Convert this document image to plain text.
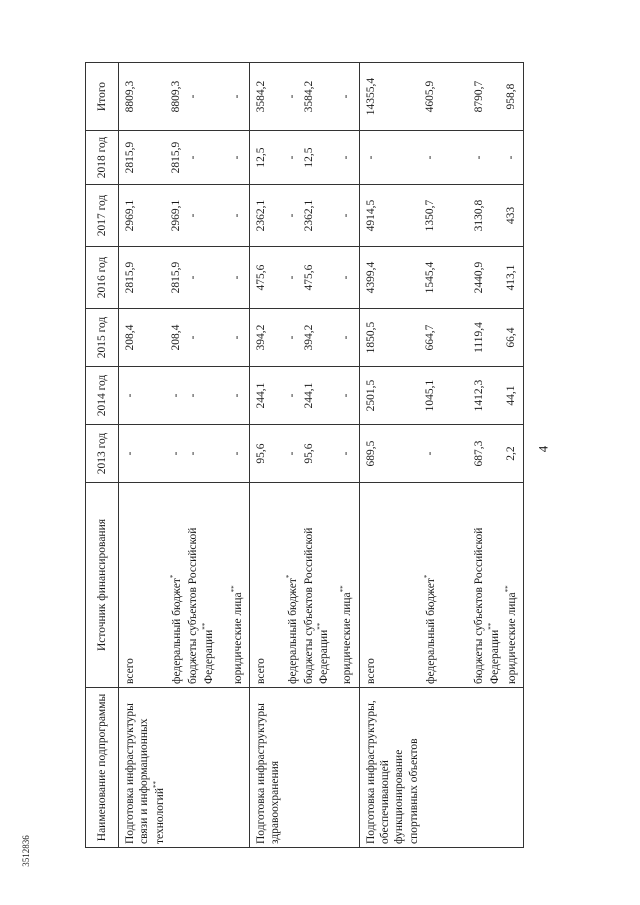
4
3512836
Наименование подпрограммы	Источник финансирования	2013 год	2014 год	2015 год	2016 год	2017 год	2018 год	Итого
Подготовка инфраструктуры связи и информационных технологий**	всего	-	-	208,4	2815,9	2969,1	2815,9	8809,3
	федеральный бюджет*	-	-	208,4	2815,9	2969,1	2815,9	8809,3
	бюджеты субъектов Российской Федерации**	-	-	-	-	-	-	-

	юридические лица**	-	-	-	-	-	-	-
Подготовка инфраструктуры здравоохранения	всего	95,6	244,1	394,2	475,6	2362,1	12,5	3584,2
	федеральный бюджет*	-	-	-	-	-	-	-
	бюджеты субъектов Российской Федерации**	95,6	244,1	394,2	475,6	2362,1	12,5	3584,2

	юридические лица**	-	-	-	-	-	-	-
Подготовка инфраструктуры, обеспечивающей функционирование спортивных объектов	всего	689,5	2501,5	1850,5	4399,4	4914,5	-	14355,4
	федеральный бюджет*	-	1045,1	664,7	1545,4	1350,7	-	4605,9

	бюджеты субъектов Российской Федерации**	687,3	1412,3	1119,4	2440,9	3130,8	-	8790,7
	юридические лица**	2,2	44,1	66,4	413,1	433	-	958,8
